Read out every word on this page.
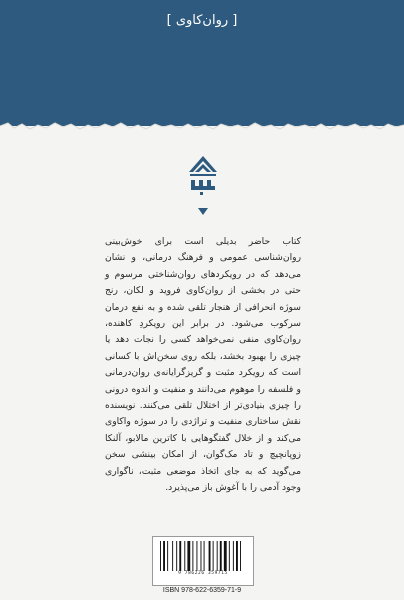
[ روان‌کاوی ]

کتاب حاضر بدیلی است برای خوش‌بینی روان‌شناسی عمومی و فرهنگ درمانی، و نشان می‌دهد که در رویکردهای روان‌شناختی مرسوم و حتی در بخشی از روان‌کاوی فروید و لکان، رنج سوژه انحرافی از هنجار تلقی شده و به نفع درمان سرکوب می‌شود. در برابر این رویکردِ کاهنده، روان‌کاوی منفی نمی‌خواهد کسی را نجات دهد یا چیزی را بهبود بخشد، بلکه روی سخن‌اش با کسانی است که رویکرد مثبت و گریزگرایانه‌ی روان‌درمانی و فلسفه را موهوم می‌دانند و منفیت و اندوه درونی را چیزی بنیادی‌تر از اختلال تلقی می‌کنند. نویسنده نقش ساختاری منفیت و تراژدی را در سوژه واکاوی می‌کند و از خلال گفتگوهایی با کاترین مالابو، آلنکا زوپانچیچ و تاد مک‌گوان، از امکان بینشی سخن می‌گوید که به جای اتخاذ موضعی مثبت، ناگواری وجود آدمی را با آغوش باز می‌پذیرد.

9 786226 359715
ISBN 978-622-6359-71-9
